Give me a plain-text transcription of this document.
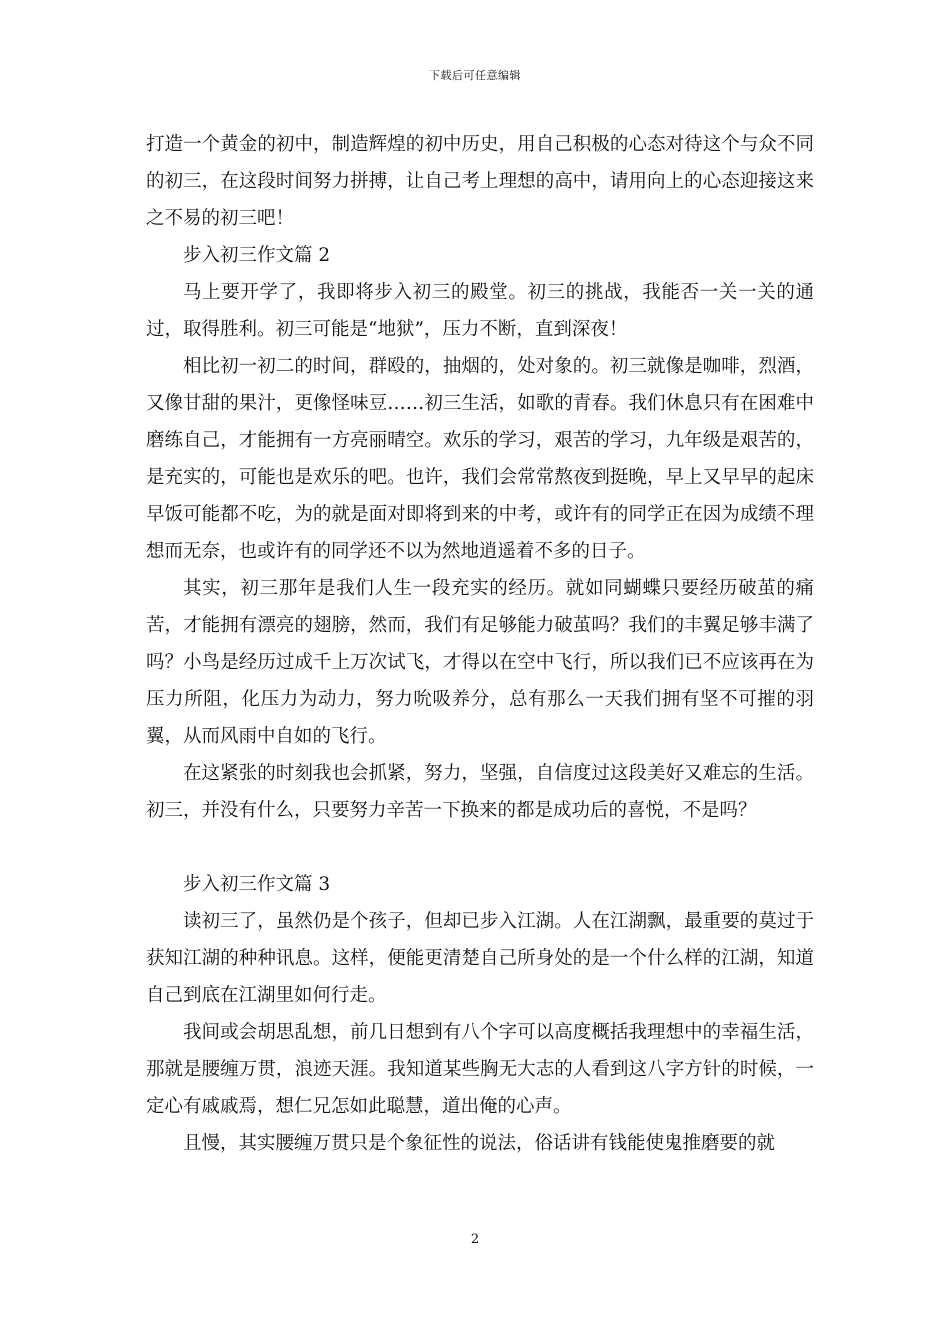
下载后可任意编辑

打造一个黄金的初中，制造辉煌的初中历史，用自己积极的心态对待这个与众不同的初三，在这段时间努力拼搏，让自己考上理想的高中，请用向上的心态迎接这来之不易的初三吧！

步入初三作文篇 2

马上要开学了，我即将步入初三的殿堂。初三的挑战，我能否一关一关的通过，取得胜利。初三可能是“地狱”，压力不断，直到深夜！

相比初一初二的时间，群殴的，抽烟的，处对象的。初三就像是咖啡，烈酒，又像甘甜的果汁，更像怪味豆……初三生活，如歌的青春。我们休息只有在困难中磨练自己，才能拥有一方亮丽晴空。欢乐的学习，艰苦的学习，九年级是艰苦的，是充实的，可能也是欢乐的吧。也许，我们会常常熬夜到挺晚，早上又早早的起床早饭可能都不吃，为的就是面对即将到来的中考，或许有的同学正在因为成绩不理想而无奈，也或许有的同学还不以为然地逍遥着不多的日子。

其实，初三那年是我们人生一段充实的经历。就如同蝴蝶只要经历破茧的痛苦，才能拥有漂亮的翅膀，然而，我们有足够能力破茧吗？我们的丰翼足够丰满了吗？小鸟是经历过成千上万次试飞，才得以在空中飞行，所以我们已不应该再在为压力所阻，化压力为动力，努力吮吸养分，总有那么一天我们拥有坚不可摧的羽翼，从而风雨中自如的飞行。

在这紧张的时刻我也会抓紧，努力，坚强，自信度过这段美好又难忘的生活。初三，并没有什么，只要努力辛苦一下换来的都是成功后的喜悦，不是吗？

步入初三作文篇 3

读初三了，虽然仍是个孩子，但却已步入江湖。人在江湖飘，最重要的莫过于获知江湖的种种讯息。这样，便能更清楚自己所身处的是一个什么样的江湖，知道自己到底在江湖里如何行走。

我间或会胡思乱想，前几日想到有八个字可以高度概括我理想中的幸福生活，那就是腰缠万贯，浪迹天涯。我知道某些胸无大志的人看到这八字方针的时候，一定心有戚戚焉，想仁兄怎如此聪慧，道出俺的心声。

且慢，其实腰缠万贯只是个象征性的说法，俗话讲有钱能使鬼推磨要的就

2
